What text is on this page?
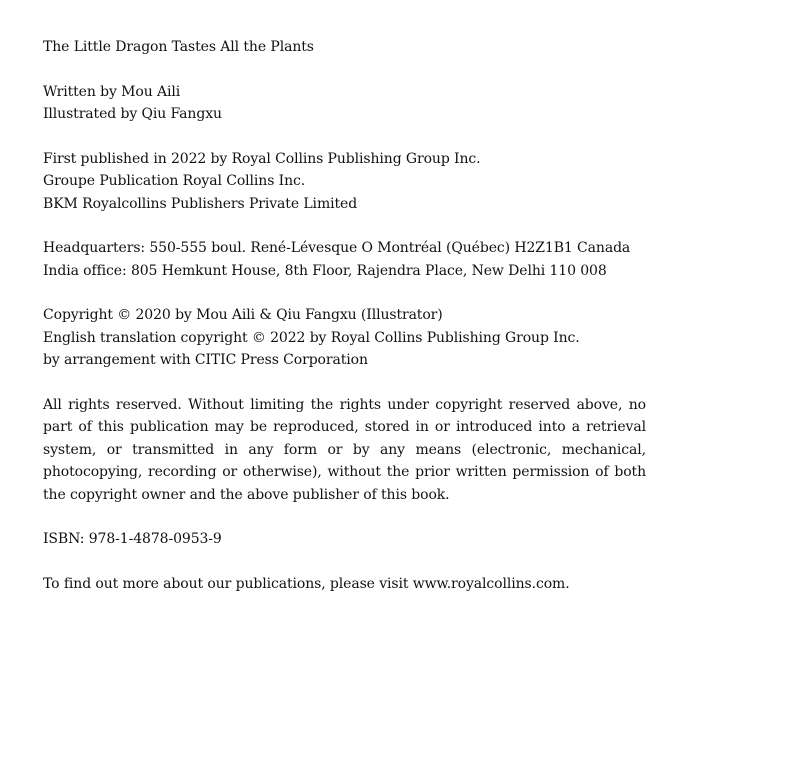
The Little Dragon Tastes All the Plants
Written by Mou Aili
Illustrated by Qiu Fangxu
First published in 2022 by Royal Collins Publishing Group Inc.
Groupe Publication Royal Collins Inc.
BKM Royalcollins Publishers Private Limited
Headquarters: 550-555 boul. René-Lévesque O Montréal (Québec) H2Z1B1 Canada
India office: 805 Hemkunt House, 8th Floor, Rajendra Place, New Delhi 110 008
Copyright © 2020 by Mou Aili & Qiu Fangxu (Illustrator)
English translation copyright © 2022 by Royal Collins Publishing Group Inc.
by arrangement with CITIC Press Corporation
All rights reserved. Without limiting the rights under copyright reserved above, no part of this publication may be reproduced, stored in or introduced into a retrieval system, or transmitted in any form or by any means (electronic, mechanical, photocopying, recording or otherwise), without the prior written permission of both the copyright owner and the above publisher of this book.
ISBN: 978-1-4878-0953-9
To find out more about our publications, please visit www.royalcollins.com.
